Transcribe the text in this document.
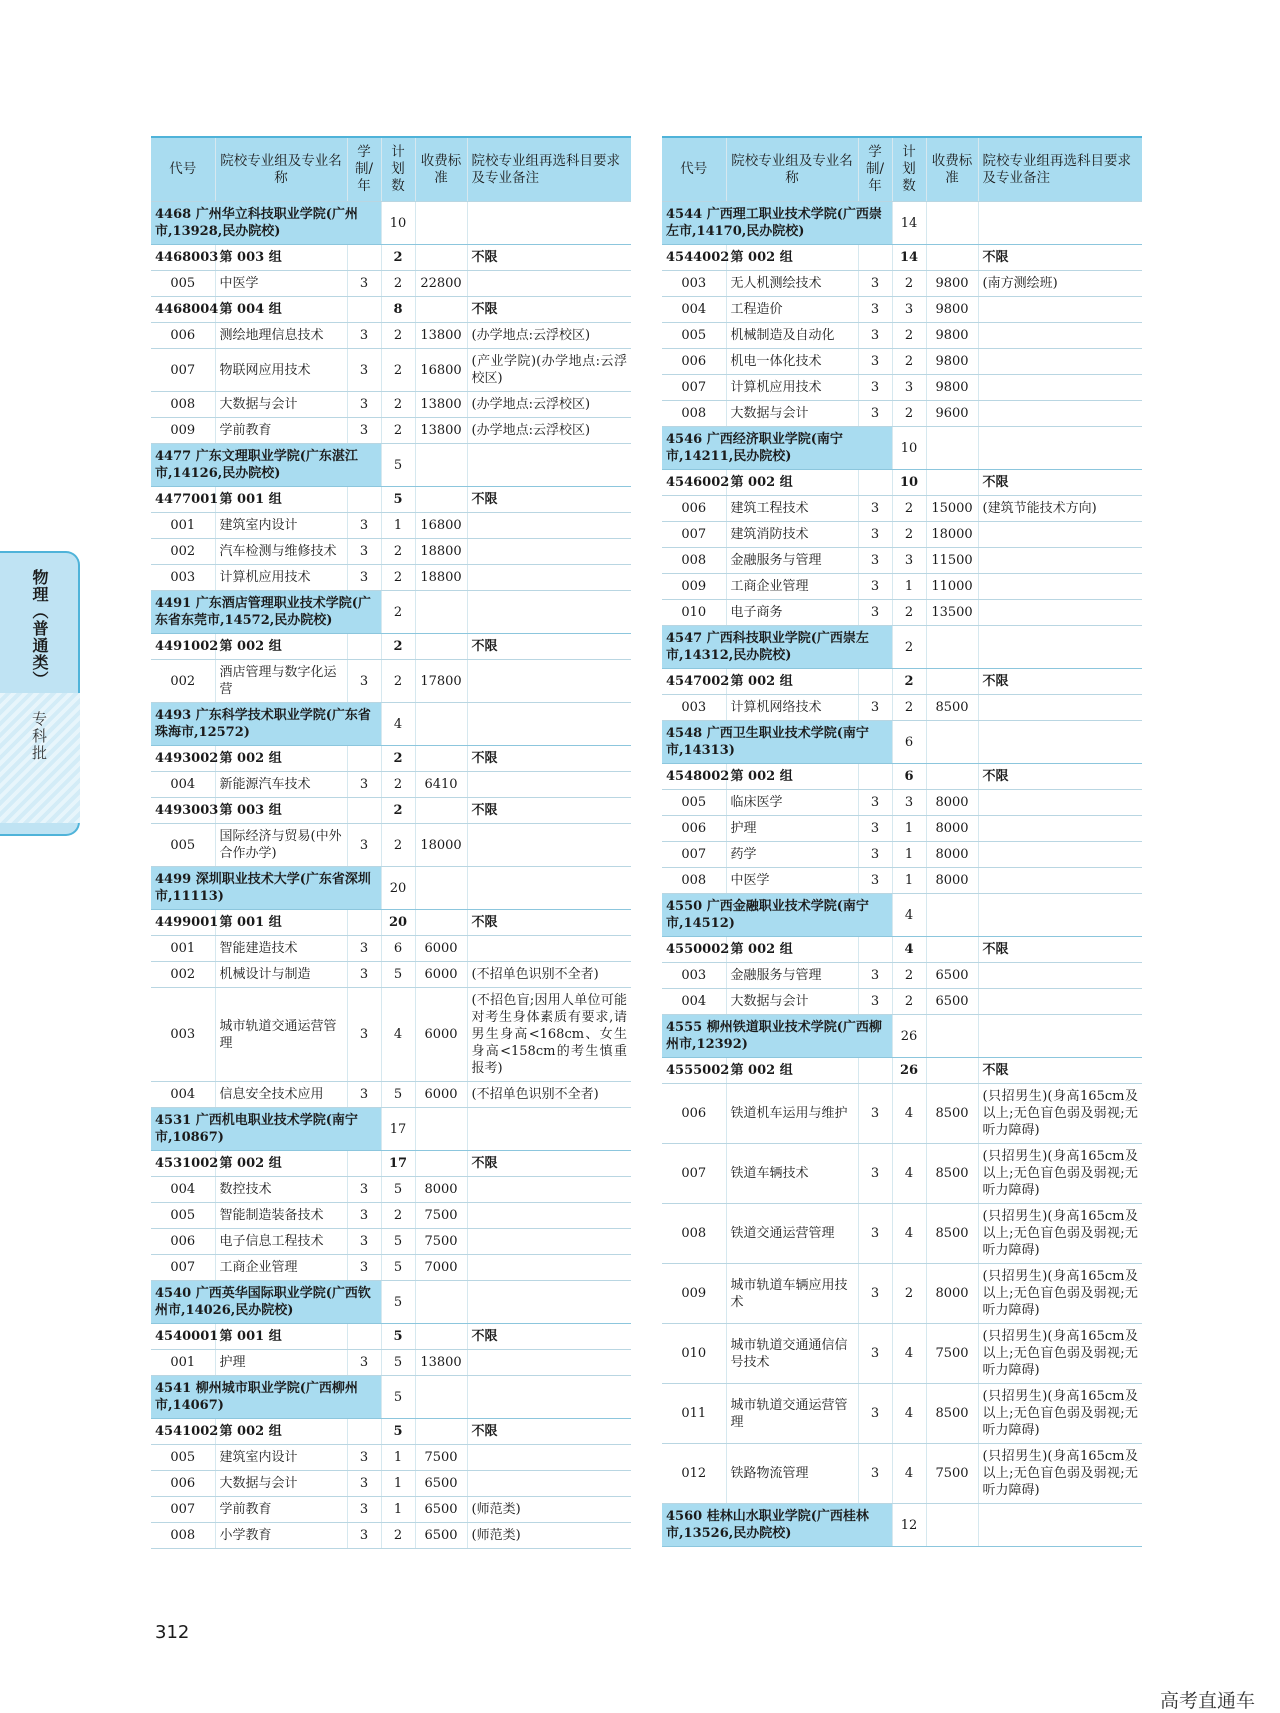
物理（普通类）
专科批
代号	院校专业组及专业名称	学制/年	计划数	收费标准	院校专业组再选科目要求及专业备注
4468 广州华立科技职业学院(广州市,13928,民办院校)			10		
4468003	第 003 组		2		不限
005	中医学	3	2	22800	
4468004	第 004 组		8		不限
006	测绘地理信息技术	3	2	13800	(办学地点:云浮校区)
007	物联网应用技术	3	2	16800	(产业学院)(办学地点:云浮校区)
008	大数据与会计	3	2	13800	(办学地点:云浮校区)
009	学前教育	3	2	13800	(办学地点:云浮校区)
4477 广东文理职业学院(广东湛江市,14126,民办院校)			5		
4477001	第 001 组		5		不限
001	建筑室内设计	3	1	16800	
002	汽车检测与维修技术	3	2	18800	
003	计算机应用技术	3	2	18800	
4491 广东酒店管理职业技术学院(广东省东莞市,14572,民办院校)			2		
4491002	第 002 组		2		不限
002	酒店管理与数字化运营	3	2	17800	
4493 广东科学技术职业学院(广东省珠海市,12572)			4		
4493002	第 002 组		2		不限
004	新能源汽车技术	3	2	6410	
4493003	第 003 组		2		不限
005	国际经济与贸易(中外合作办学)	3	2	18000	
4499 深圳职业技术大学(广东省深圳市,11113)			20		
4499001	第 001 组		20		不限
001	智能建造技术	3	6	6000	
002	机械设计与制造	3	5	6000	(不招单色识别不全者)
003	城市轨道交通运营管理	3	4	6000	(不招色盲;因用人单位可能对考生身体素质有要求,请男生身高<168cm、女生身高<158cm的考生慎重报考)
004	信息安全技术应用	3	5	6000	(不招单色识别不全者)
4531 广西机电职业技术学院(南宁市,10867)			17		
4531002	第 002 组		17		不限
004	数控技术	3	5	8000	
005	智能制造装备技术	3	2	7500	
006	电子信息工程技术	3	5	7500	
007	工商企业管理	3	5	7000	
4540 广西英华国际职业学院(广西钦州市,14026,民办院校)			5		
4540001	第 001 组		5		不限
001	护理	3	5	13800	
4541 柳州城市职业学院(广西柳州市,14067)			5		
4541002	第 002 组		5		不限
005	建筑室内设计	3	1	7500	
006	大数据与会计	3	1	6500	
007	学前教育	3	1	6500	(师范类)
008	小学教育	3	2	6500	(师范类)
代号	院校专业组及专业名称	学制/年	计划数	收费标准	院校专业组再选科目要求及专业备注
4544 广西理工职业技术学院(广西崇左市,14170,民办院校)			14		
4544002	第 002 组		14		不限
003	无人机测绘技术	3	2	9800	(南方测绘班)
004	工程造价	3	3	9800	
005	机械制造及自动化	3	2	9800	
006	机电一体化技术	3	2	9800	
007	计算机应用技术	3	3	9800	
008	大数据与会计	3	2	9600	
4546 广西经济职业学院(南宁市,14211,民办院校)			10		
4546002	第 002 组		10		不限
006	建筑工程技术	3	2	15000	(建筑节能技术方向)
007	建筑消防技术	3	2	18000	
008	金融服务与管理	3	3	11500	
009	工商企业管理	3	1	11000	
010	电子商务	3	2	13500	
4547 广西科技职业学院(广西崇左市,14312,民办院校)			2		
4547002	第 002 组		2		不限
003	计算机网络技术	3	2	8500	
4548 广西卫生职业技术学院(南宁市,14313)			6		
4548002	第 002 组		6		不限
005	临床医学	3	3	8000	
006	护理	3	1	8000	
007	药学	3	1	8000	
008	中医学	3	1	8000	
4550 广西金融职业技术学院(南宁市,14512)			4		
4550002	第 002 组		4		不限
003	金融服务与管理	3	2	6500	
004	大数据与会计	3	2	6500	
4555 柳州铁道职业技术学院(广西柳州市,12392)			26		
4555002	第 002 组		26		不限
006	铁道机车运用与维护	3	4	8500	(只招男生)(身高165cm及以上;无色盲色弱及弱视;无听力障碍)
007	铁道车辆技术	3	4	8500	(只招男生)(身高165cm及以上;无色盲色弱及弱视;无听力障碍)
008	铁道交通运营管理	3	4	8500	(只招男生)(身高165cm及以上;无色盲色弱及弱视;无听力障碍)
009	城市轨道车辆应用技术	3	2	8000	(只招男生)(身高165cm及以上;无色盲色弱及弱视;无听力障碍)
010	城市轨道交通通信信号技术	3	4	7500	(只招男生)(身高165cm及以上;无色盲色弱及弱视;无听力障碍)
011	城市轨道交通运营管理	3	4	8500	(只招男生)(身高165cm及以上;无色盲色弱及弱视;无听力障碍)
012	铁路物流管理	3	4	7500	(只招男生)(身高165cm及以上;无色盲色弱及弱视;无听力障碍)
4560 桂林山水职业学院(广西桂林市,13526,民办院校)			12		
312
高考直通车
